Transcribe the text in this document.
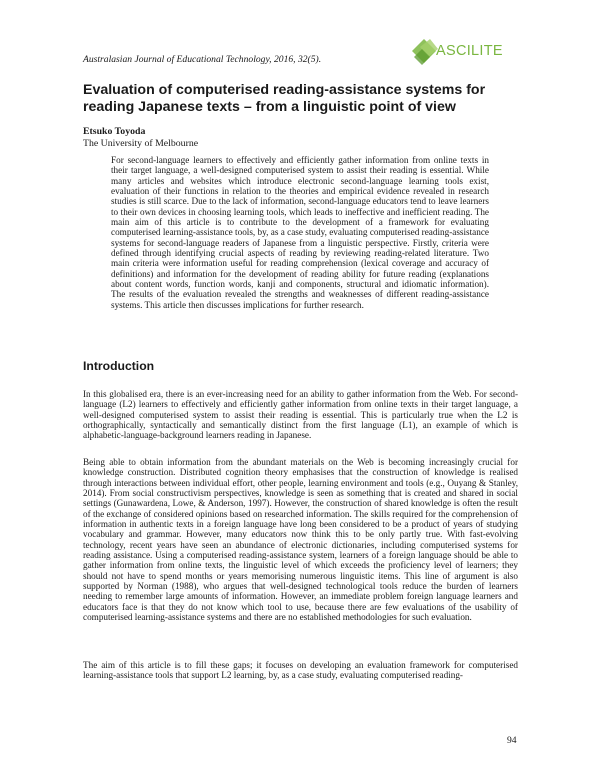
Australasian Journal of Educational Technology, 2016, 32(5).
ASCILITE
Evaluation of computerised reading-assistance systems for reading Japanese texts – from a linguistic point of view
Etsuko Toyoda
The University of Melbourne

For second-language learners to effectively and efficiently gather information from online texts in their target language, a well-designed computerised system to assist their reading is essential. While many articles and websites which introduce electronic second-language learning tools exist, evaluation of their functions in relation to the theories and empirical evidence revealed in research studies is still scarce. Due to the lack of information, second-language educators tend to leave learners to their own devices in choosing learning tools, which leads to ineffective and inefficient reading. The main aim of this article is to contribute to the development of a framework for evaluating computerised learning-assistance tools, by, as a case study, evaluating computerised reading-assistance systems for second-language readers of Japanese from a linguistic perspective. Firstly, criteria were defined through identifying crucial aspects of reading by reviewing reading-related literature. Two main criteria were information useful for reading comprehension (lexical coverage and accuracy of definitions) and information for the development of reading ability for future reading (explanations about content words, function words, kanji and components, structural and idiomatic information). The results of the evaluation revealed the strengths and weaknesses of different reading-assistance systems. This article then discusses implications for further research.

Introduction

In this globalised era, there is an ever-increasing need for an ability to gather information from the Web. For second-language (L2) learners to effectively and efficiently gather information from online texts in their target language, a well-designed computerised system to assist their reading is essential. This is particularly true when the L2 is orthographically, syntactically and semantically distinct from the first language (L1), an example of which is alphabetic-language-background learners reading in Japanese.

Being able to obtain information from the abundant materials on the Web is becoming increasingly crucial for knowledge construction. Distributed cognition theory emphasises that the construction of knowledge is realised through interactions between individual effort, other people, learning environment and tools (e.g., Ouyang & Stanley, 2014). From social constructivism perspectives, knowledge is seen as something that is created and shared in social settings (Gunawardena, Lowe, & Anderson, 1997). However, the construction of shared knowledge is often the result of the exchange of considered opinions based on researched information. The skills required for the comprehension of information in authentic texts in a foreign language have long been considered to be a product of years of studying vocabulary and grammar. However, many educators now think this to be only partly true. With fast-evolving technology, recent years have seen an abundance of electronic dictionaries, including computerised systems for reading assistance. Using a computerised reading-assistance system, learners of a foreign language should be able to gather information from online texts, the linguistic level of which exceeds the proficiency level of learners; they should not have to spend months or years memorising numerous linguistic items. This line of argument is also supported by Norman (1988), who argues that well-designed technological tools reduce the burden of learners needing to remember large amounts of information. However, an immediate problem foreign language learners and educators face is that they do not know which tool to use, because there are few evaluations of the usability of computerised learning-assistance systems and there are no established methodologies for such evaluation.

The aim of this article is to fill these gaps; it focuses on developing an evaluation framework for computerised learning-assistance tools that support L2 learning, by, as a case study, evaluating computerised reading-

94
